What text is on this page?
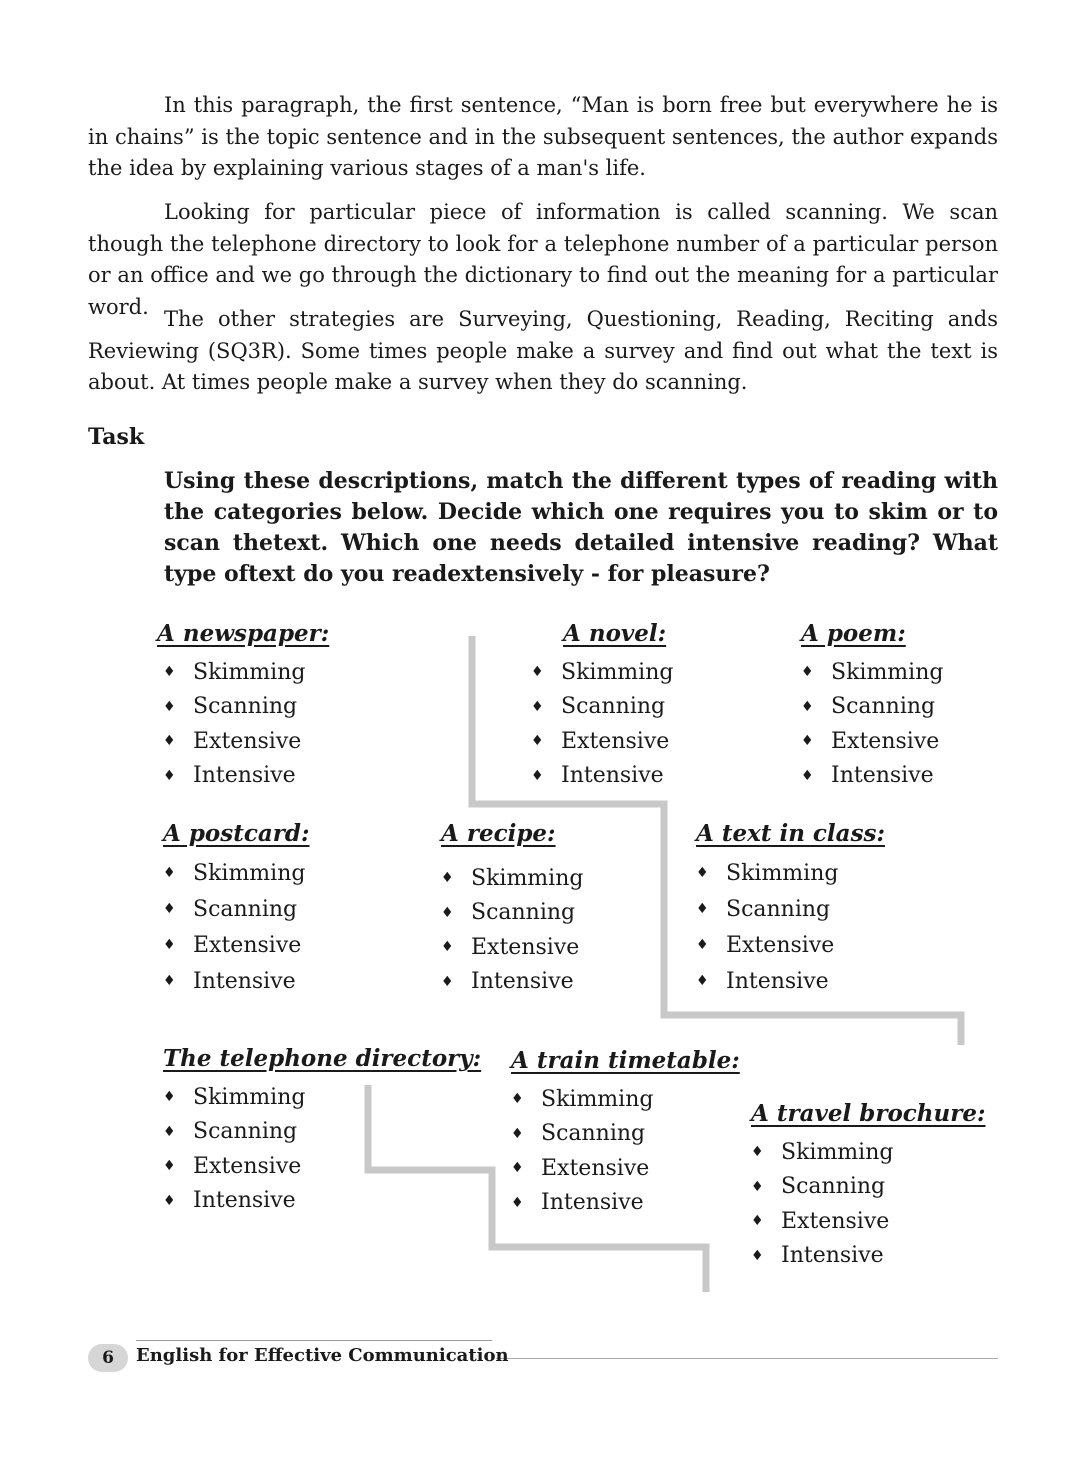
In this paragraph, the first sentence, “Man is born free but everywhere he is in chains” is the topic sentence and in the subsequent sentences, the author expands the idea by explaining various stages of a man's life.

Looking for particular piece of information is called scanning. We scan though the telephone directory to look for a telephone number of a particular person or an office and we go through the dictionary to find out the meaning for a particular word.

The other strategies are Surveying, Questioning, Reading, Reciting ands Reviewing (SQ3R). Some times people make a survey and find out what the text is about. At times people make a survey when they do scanning.

Task

Using these descriptions, match the different types of reading with the categories below. Decide which one requires you to skim or to scan thetext. Which one needs detailed intensive reading? What type oftext do you readextensively - for pleasure?

A newspaper:
♦ Skimming
♦ Scanning
♦ Extensive
♦ Intensive
A novel:
♦ Skimming
♦ Scanning
♦ Extensive
♦ Intensive
A poem:
♦ Skimming
♦ Scanning
♦ Extensive
♦ Intensive
A postcard:
♦ Skimming
♦ Scanning
♦ Extensive
♦ Intensive
A recipe:
♦ Skimming
♦ Scanning
♦ Extensive
♦ Intensive
A text in class:
♦ Skimming
♦ Scanning
♦ Extensive
♦ Intensive
The telephone directory:
♦ Skimming
♦ Scanning
♦ Extensive
♦ Intensive
A train timetable:
♦ Skimming
♦ Scanning
♦ Extensive
♦ Intensive
A travel brochure:
♦ Skimming
♦ Scanning
♦ Extensive
♦ Intensive
6	English for Effective Communication
